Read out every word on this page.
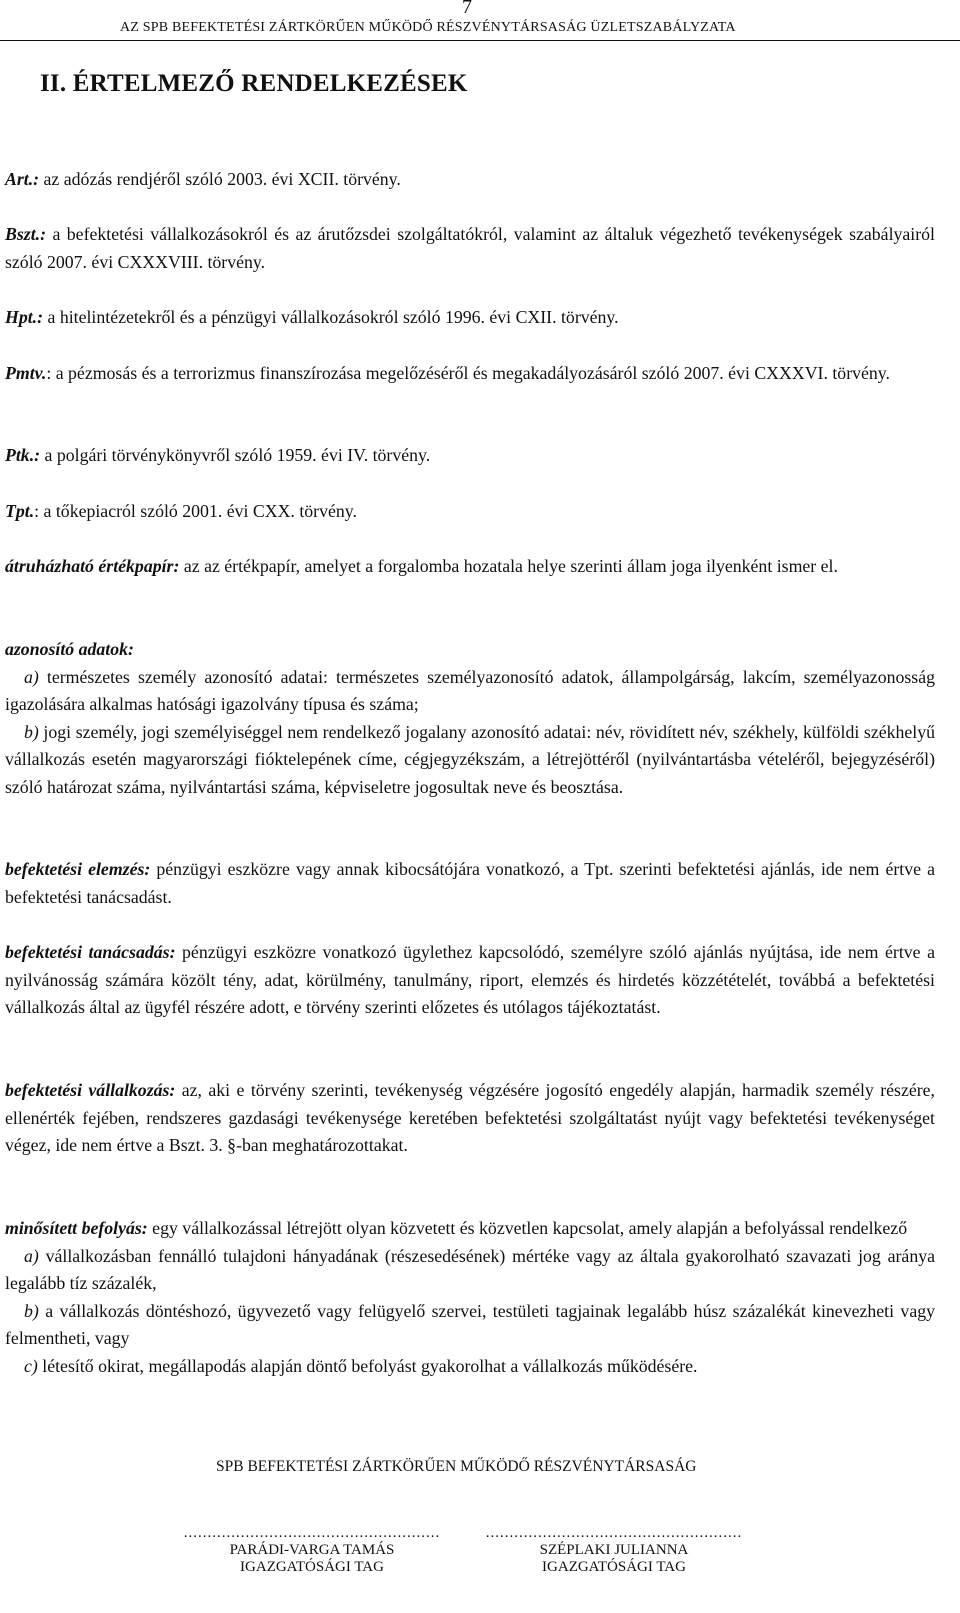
7
AZ SPB BEFEKTETÉSI ZÁRTKÖRŰEN MŰKÖDŐ RÉSZVÉNYTÁRSASÁG ÜZLETSZABÁLYZATA
II. ÉRTELMEZŐ RENDELKEZÉSEK

Art.: az adózás rendjéről szóló 2003. évi XCII. törvény.

Bszt.: a befektetési vállalkozásokról és az árutőzsdei szolgáltatókról, valamint az általuk végezhető tevékenységek szabályairól szóló 2007. évi CXXXVIII. törvény.

Hpt.: a hitelintézetekről és a pénzügyi vállalkozásokról szóló 1996. évi CXII. törvény.

Pmtv.: a pézmosás és a terrorizmus finanszírozása megelőzéséről és megakadályozásáról szóló 2007. évi CXXXVI. törvény.

Ptk.: a polgári törvénykönyvről szóló 1959. évi IV. törvény.

Tpt.: a tőkepiacról szóló 2001. évi CXX. törvény.

átruházható értékpapír: az az értékpapír, amelyet a forgalomba hozatala helye szerinti állam joga ilyenként ismer el.

azonosító adatok:

a) természetes személy azonosító adatai: természetes személyazonosító adatok, állampolgárság, lakcím, személyazonosság igazolására alkalmas hatósági igazolvány típusa és száma;

b) jogi személy, jogi személyiséggel nem rendelkező jogalany azonosító adatai: név, rövidített név, székhely, külföldi székhelyű vállalkozás esetén magyarországi fióktelepének címe, cégjegyzékszám, a létrejöttéről (nyilvántartásba vételéről, bejegyzéséről) szóló határozat száma, nyilvántartási száma, képviseletre jogosultak neve és beosztása.

befektetési elemzés: pénzügyi eszközre vagy annak kibocsátójára vonatkozó, a Tpt. szerinti befektetési ajánlás, ide nem értve a befektetési tanácsadást.

befektetési tanácsadás: pénzügyi eszközre vonatkozó ügylethez kapcsolódó, személyre szóló ajánlás nyújtása, ide nem értve a nyilvánosság számára közölt tény, adat, körülmény, tanulmány, riport, elemzés és hirdetés közzétételét, továbbá a befektetési vállalkozás által az ügyfél részére adott, e törvény szerinti előzetes és utólagos tájékoztatást.

befektetési vállalkozás: az, aki e törvény szerinti, tevékenység végzésére jogosító engedély alapján, harmadik személy részére, ellenérték fejében, rendszeres gazdasági tevékenysége keretében befektetési szolgáltatást nyújt vagy befektetési tevékenységet végez, ide nem értve a Bszt. 3. §-ban meghatározottakat.

minősített befolyás: egy vállalkozással létrejött olyan közvetett és közvetlen kapcsolat, amely alapján a befolyással rendelkező

a) vállalkozásban fennálló tulajdoni hányadának (részesedésének) mértéke vagy az általa gyakorolható szavazati jog aránya legalább tíz százalék,

b) a vállalkozás döntéshozó, ügyvezető vagy felügyelő szervei, testületi tagjainak legalább húsz százalékát kinevezheti vagy felmentheti, vagy

c) létesítő okirat, megállapodás alapján döntő befolyást gyakorolhat a vállalkozás működésére.

SPB BEFEKTETÉSI ZÁRTKÖRŰEN MŰKÖDŐ RÉSZVÉNYTÁRSASÁG
......................................................
PARÁDI-VARGA TAMÁS
IGAZGATÓSÁGI TAG
......................................................
SZÉPLAKI JULIANNA
IGAZGATÓSÁGI TAG
